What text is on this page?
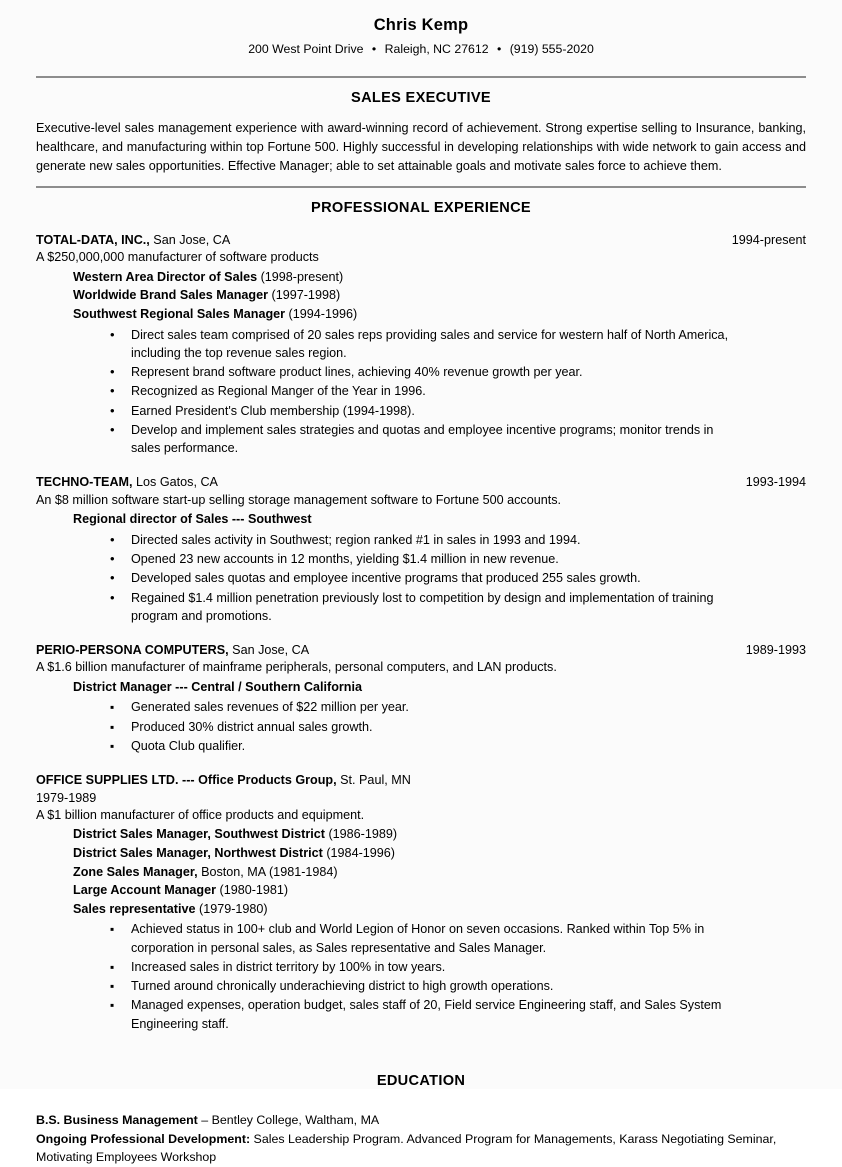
Chris Kemp
200 West Point Drive • Raleigh, NC 27612 • (919) 555-2020
SALES EXECUTIVE

Executive-level sales management experience with award-winning record of achievement. Strong expertise selling to Insurance, banking, healthcare, and manufacturing within top Fortune 500. Highly successful in developing relationships with wide network to gain access and generate new sales opportunities. Effective Manager; able to set attainable goals and motivate sales force to achieve them.

PROFESSIONAL EXPERIENCE
TOTAL-DATA, INC., San Jose, CA	1994-present
A $250,000,000 manufacturer of software products
Western Area Director of Sales (1998-present)
Worldwide Brand Sales Manager (1997-1998)
Southwest Regional Sales Manager (1994-1996)
• Direct sales team comprised of 20 sales reps providing sales and service for western half of North America, including the top revenue sales region.
• Represent brand software product lines, achieving 40% revenue growth per year.
• Recognized as Regional Manger of the Year in 1996.
• Earned President's Club membership (1994-1998).
• Develop and implement sales strategies and quotas and employee incentive programs; monitor trends in sales performance.
TECHNO-TEAM, Los Gatos, CA	1993-1994
An $8 million software start-up selling storage management software to Fortune 500 accounts.
Regional director of Sales --- Southwest
• Directed sales activity in Southwest; region ranked #1 in sales in 1993 and 1994.
• Opened 23 new accounts in 12 months, yielding $1.4 million in new revenue.
• Developed sales quotas and employee incentive programs that produced 255 sales growth.
• Regained $1.4 million penetration previously lost to competition by design and implementation of training program and promotions.
PERIO-PERSONA COMPUTERS, San Jose, CA	1989-1993
A $1.6 billion manufacturer of mainframe peripherals, personal computers, and LAN products.
District Manager --- Central / Southern California
▪ Generated sales revenues of $22 million per year.
▪ Produced 30% district annual sales growth.
▪ Quota Club qualifier.
OFFICE SUPPLIES LTD. --- Office Products Group, St. Paul, MN
1979-1989
A $1 billion manufacturer of office products and equipment.
District Sales Manager, Southwest District (1986-1989)
District Sales Manager, Northwest District (1984-1996)
Zone Sales Manager, Boston, MA (1981-1984)
Large Account Manager (1980-1981)
Sales representative (1979-1980)
▪ Achieved status in 100+ club and World Legion of Honor on seven occasions. Ranked within Top 5% in corporation in personal sales, as Sales representative and Sales Manager.
▪ Increased sales in district territory by 100% in tow years.
▪ Turned around chronically underachieving district to high growth operations.
▪ Managed expenses, operation budget, sales staff of 20, Field service Engineering staff, and Sales System Engineering staff.
EDUCATION
B.S. Business Management – Bentley College, Waltham, MA
Ongoing Professional Development: Sales Leadership Program. Advanced Program for Managements, Karass Negotiating Seminar, Motivating Employees Workshop
